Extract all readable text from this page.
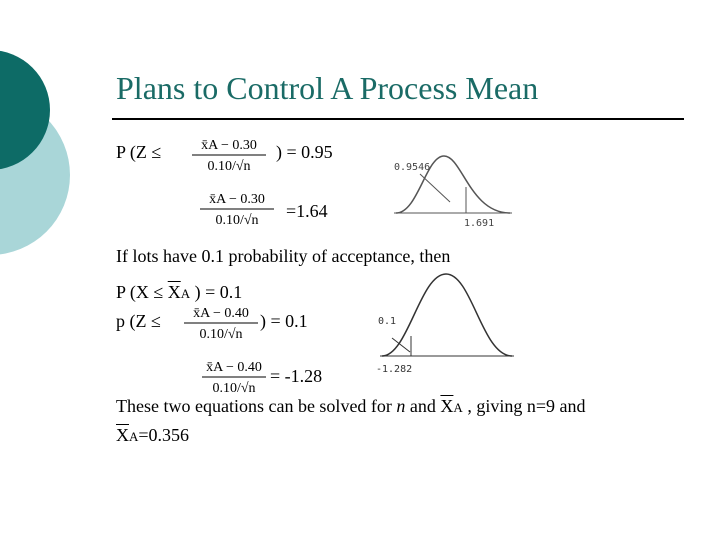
Plans to Control A Process Mean
P (Z ≤	x̄A − 0.30
0.10/√n
) = 0.95
x̄A − 0.30
0.10/√n =1.64
0.9546
1.691
If lots have 0.1 probability of acceptance, then
P ($X \le \overline{X}A$ ) = 0.1
p (Z ≤ x̄A − 0.40
0.10/√n
) = 0.1	0.1
-1.282
x̄A − 0.40
0.10/√n
= -1.28
These two equations can be solved for n and $\overline{X}A$ , giving n=9 and
$\overline{X}A=0.356$
